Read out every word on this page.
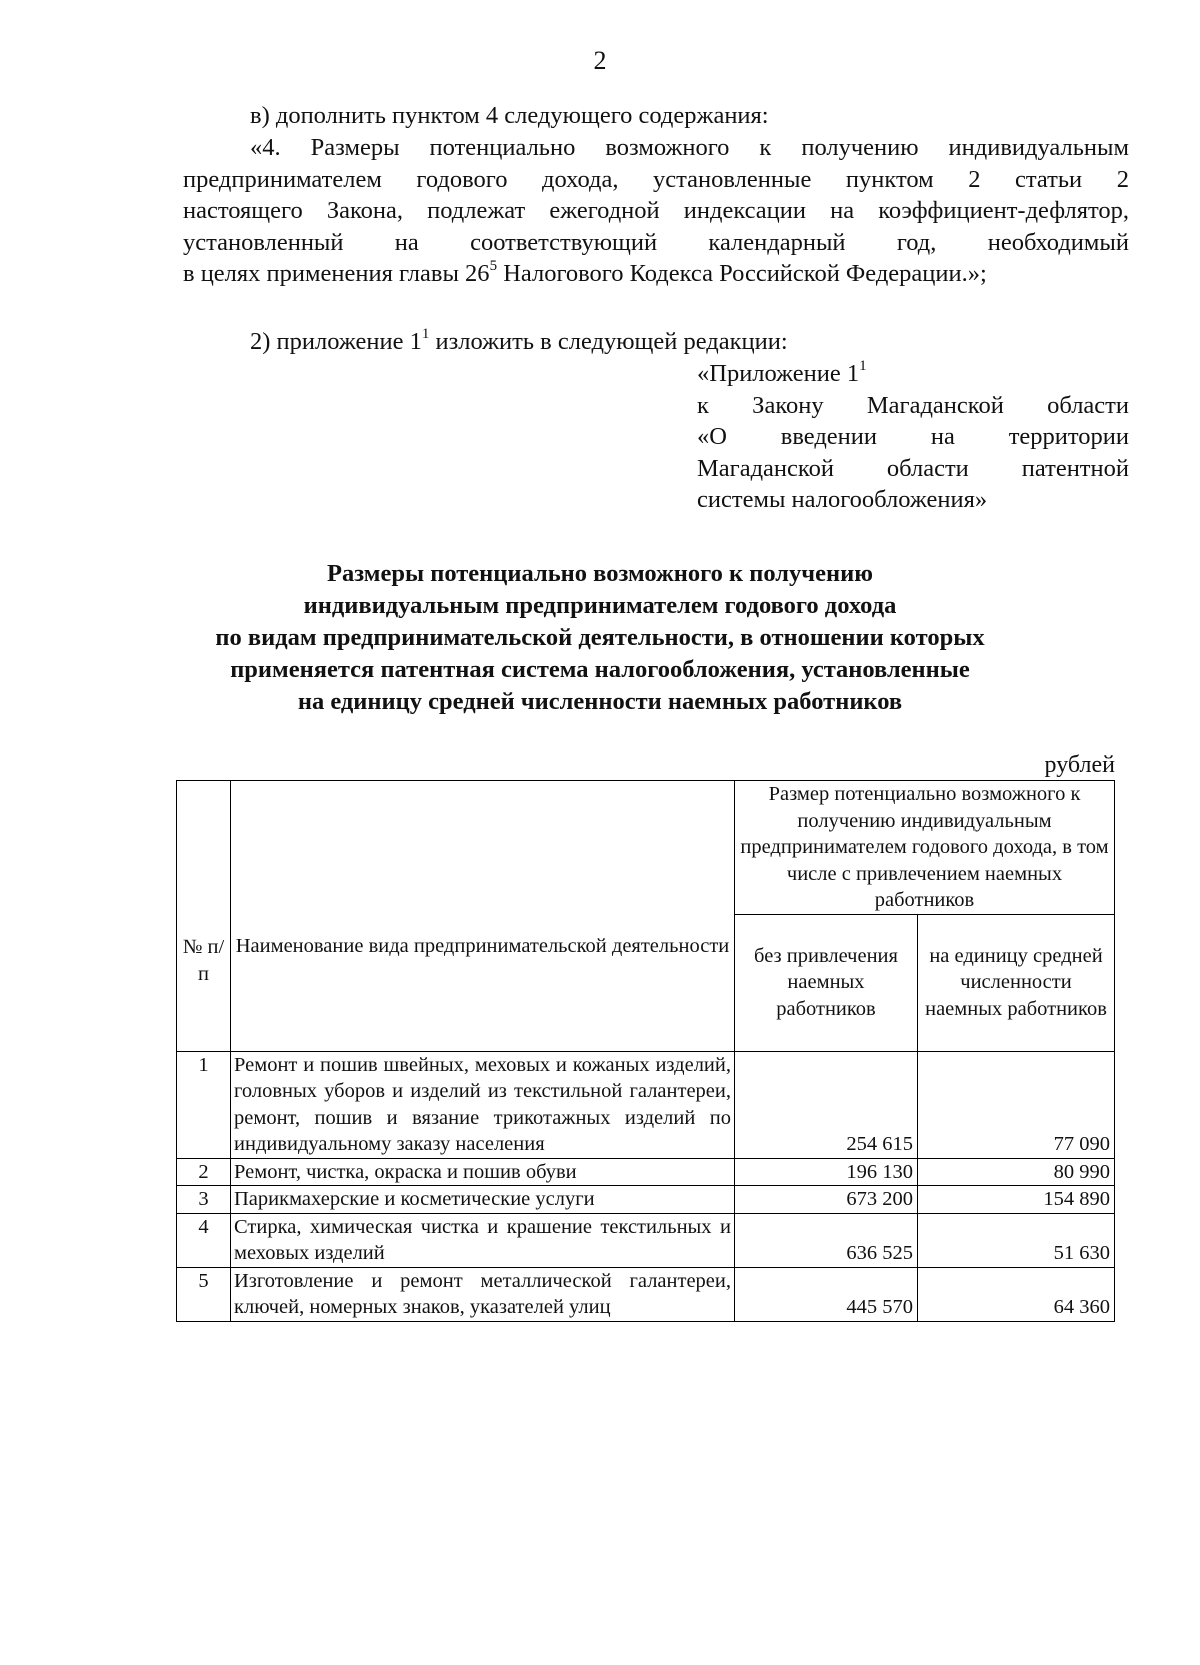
2
в) дополнить пунктом 4 следующего содержания:
«4. Размеры потенциально возможного к получению индивидуальным
предпринимателем годового дохода, установленные пунктом 2 статьи 2
настоящего Закона, подлежат ежегодной индексации на коэффициент-дефлятор,
установленный на соответствующий календарный год, необходимый
в целях применения главы $26^5$ Налогового Кодекса Российской Федерации.»;
2) приложение $1^1$ изложить в следующей редакции:
«Приложение $1^1$
к Закону Магаданской области
«О введении на территории
Магаданской области патентной
системы налогообложения»
Размеры потенциально возможного к получению
индивидуальным предпринимателем годового дохода
по видам предпринимательской деятельности, в отношении которых
применяется патентная система налогообложения, установленные
на единицу средней численности наемных работников
рублей
№ п/п	Наименование вида предпринимательской деятельности	Размер потенциально возможного к получению индивидуальным предпринимателем годового дохода, в том числе с привлечением наемных работников	
		без привлечения наемных работников	на единицу средней численности наемных работников
1	Ремонт и пошив швейных, меховых и кожаных изделий, головных уборов и изделий из текстильной галантереи, ремонт, пошив и вязание трикотажных изделий по индивидуальному заказу населения	254 615	77 090
2	Ремонт, чистка, окраска и пошив обуви	196 130	80 990
3	Парикмахерские и косметические услуги	673 200	154 890
4	Стирка, химическая чистка и крашение текстильных и меховых изделий	636 525	51 630
5	Изготовление и ремонт металлической галантереи, ключей, номерных знаков, указателей улиц	445 570	64 360
